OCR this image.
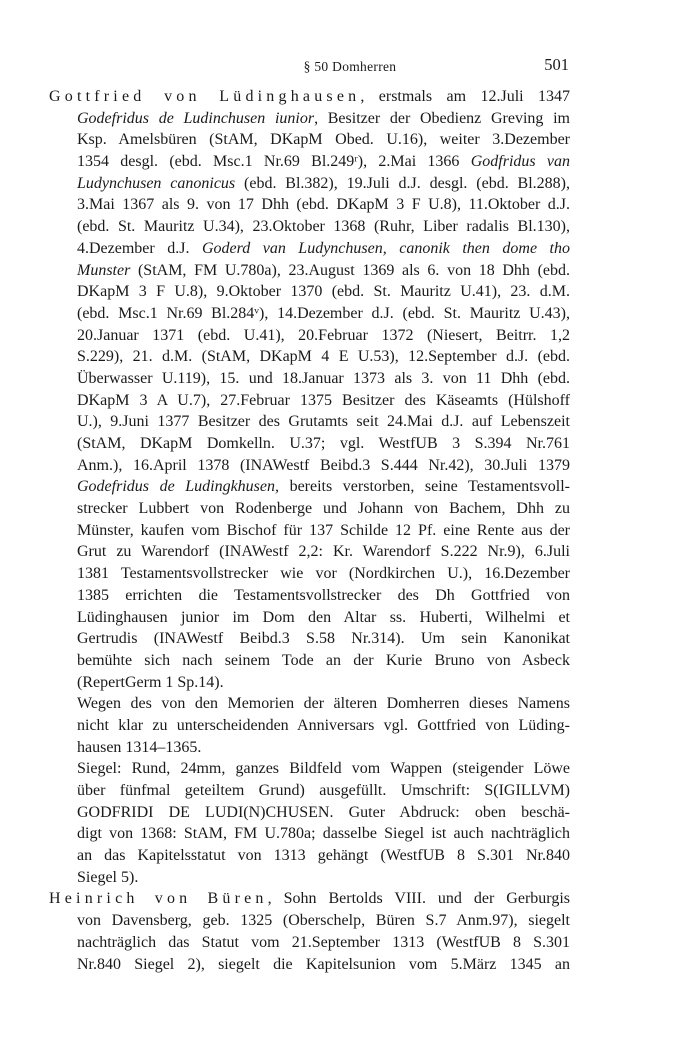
§ 50 Domherren	501
Gottfried von Lüdinghausen, erstmals am 12.Juli 1347
Godefridus de Ludinchusen iunior, Besitzer der Obedienz Greving im
Ksp. Amelsbüren (StAM, DKapM Obed. U.16), weiter 3.Dezember
1354 desgl. (ebd. Msc.1 Nr.69 Bl.249ʳ), 2.Mai 1366 Godfridus van
Ludynchusen canonicus (ebd. Bl.382), 19.Juli d.J. desgl. (ebd. Bl.288),
3.Mai 1367 als 9. von 17 Dhh (ebd. DKapM 3 F U.8), 11.Oktober d.J.
(ebd. St. Mauritz U.34), 23.Oktober 1368 (Ruhr, Liber radalis Bl.130),
4.Dezember d.J. Goderd van Ludynchusen, canonik then dome tho
Munster (StAM, FM U.780a), 23.August 1369 als 6. von 18 Dhh (ebd.
DKapM 3 F U.8), 9.Oktober 1370 (ebd. St. Mauritz U.41), 23. d.M.
(ebd. Msc.1 Nr.69 Bl.284ᵛ), 14.Dezember d.J. (ebd. St. Mauritz U.43),
20.Januar 1371 (ebd. U.41), 20.Februar 1372 (Niesert, Beitrr. 1,2
S.229), 21. d.M. (StAM, DKapM 4 E U.53), 12.September d.J. (ebd.
Überwasser U.119), 15. und 18.Januar 1373 als 3. von 11 Dhh (ebd.
DKapM 3 A U.7), 27.Februar 1375 Besitzer des Käseamts (Hülshoff
U.), 9.Juni 1377 Besitzer des Grutamts seit 24.Mai d.J. auf Lebenszeit
(StAM, DKapM Domkelln. U.37; vgl. WestfUB 3 S.394 Nr.761
Anm.), 16.April 1378 (INAWestf Beibd.3 S.444 Nr.42), 30.Juli 1379
Godefridus de Ludingkhusen, bereits verstorben, seine Testamentsvoll-
strecker Lubbert von Rodenberge und Johann von Bachem, Dhh zu
Münster, kaufen vom Bischof für 137 Schilde 12 Pf. eine Rente aus der
Grut zu Warendorf (INAWestf 2,2: Kr. Warendorf S.222 Nr.9), 6.Juli
1381 Testamentsvollstrecker wie vor (Nordkirchen U.), 16.Dezember
1385 errichten die Testamentsvollstrecker des Dh Gottfried von
Lüdinghausen junior im Dom den Altar ss. Huberti, Wilhelmi et
Gertrudis (INAWestf Beibd.3 S.58 Nr.314). Um sein Kanonikat
bemühte sich nach seinem Tode an der Kurie Bruno von Asbeck
(RepertGerm 1 Sp.14).
Wegen des von den Memorien der älteren Domherren dieses Namens
nicht klar zu unterscheidenden Anniversars vgl. Gottfried von Lüding-
hausen 1314–1365.
Siegel: Rund, 24mm, ganzes Bildfeld vom Wappen (steigender Löwe
über fünfmal geteiltem Grund) ausgefüllt. Umschrift: S(IGILLVM)
GODFRIDI DE LUDI(N)CHUSEN. Guter Abdruck: oben beschä-
digt von 1368: StAM, FM U.780a; dasselbe Siegel ist auch nachträglich
an das Kapitelsstatut von 1313 gehängt (WestfUB 8 S.301 Nr.840
Siegel 5).
Heinrich von Büren, Sohn Bertolds VIII. und der Gerburgis
von Davensberg, geb. 1325 (Oberschelp, Büren S.7 Anm.97), siegelt
nachträglich das Statut vom 21.September 1313 (WestfUB 8 S.301
Nr.840 Siegel 2), siegelt die Kapitelsunion vom 5.März 1345 an
